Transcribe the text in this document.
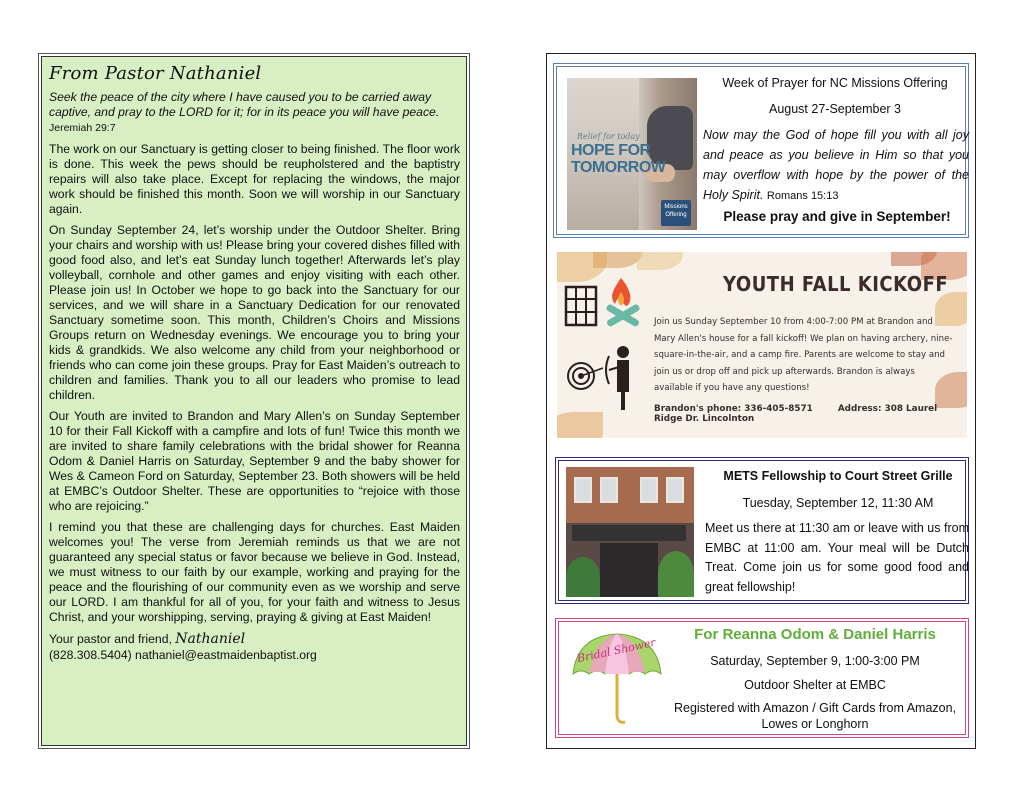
From Pastor Nathaniel

Seek the peace of the city where I have caused you to be carried away captive, and pray to the LORD for it; for in its peace you will have peace. Jeremiah 29:7

The work on our Sanctuary is getting closer to being finished. The floor work is done. This week the pews should be reupholstered and the baptistry repairs will also take place. Except for replacing the windows, the major work should be finished this month. Soon we will worship in our Sanctuary again.

On Sunday September 24, let’s worship under the Outdoor Shelter. Bring your chairs and worship with us! Please bring your covered dishes filled with good food also, and let’s eat Sunday lunch together! Afterwards let’s play volleyball, cornhole and other games and enjoy visiting with each other. Please join us! In October we hope to go back into the Sanctuary for our services, and we will share in a Sanctuary Dedication for our renovated Sanctuary sometime soon. This month, Children’s Choirs and Missions Groups return on Wednesday evenings. We encourage you to bring your kids & grandkids. We also welcome any child from your neighborhood or friends who can come join these groups. Pray for East Maiden’s outreach to children and families. Thank you to all our leaders who promise to lead children.

Our Youth are invited to Brandon and Mary Allen’s on Sunday September 10 for their Fall Kickoff with a campfire and lots of fun! Twice this month we are invited to share family celebrations with the bridal shower for Reanna Odom & Daniel Harris on Saturday, September 9 and the baby shower for Wes & Cameon Ford on Saturday, September 23. Both showers will be held at EMBC’s Outdoor Shelter. These are opportunities to “rejoice with those who are rejoicing.”

I remind you that these are challenging days for churches. East Maiden welcomes you! The verse from Jeremiah reminds us that we are not guaranteed any special status or favor because we believe in God. Instead, we must witness to our faith by our example, working and praying for the peace and the flourishing of our community even as we worship and serve our LORD. I am thankful for all of you, for your faith and witness to Jesus Christ, and your worshipping, serving, praying & giving at East Maiden!

Your pastor and friend, Nathaniel
(828.308.5404) nathaniel@eastmaidenbaptist.org
Relief for today
HOPE FOR
TOMORROW
Missions Offering
Week of Prayer for NC Missions Offering
August 27-September 3
Now may the God of hope fill you with all joy and peace as you believe in Him so that you may overflow with hope by the power of the Holy Spirit. Romans 15:13
Please pray and give in September!
YOUTH FALL KICKOFF
Join us Sunday September 10 from 4:00-7:00 PM at Brandon and Mary Allen's house for a fall kickoff! We plan on having archery, nine-square-in-the-air, and a camp fire. Parents are welcome to stay and join us or drop off and pick up afterwards. Brandon is always available if you have any questions!
Brandon's phone: 336-405-8571	Address: 308 Laurel Ridge Dr. Lincolnton
METS Fellowship to Court Street Grille
Tuesday, September 12, 11:30 AM
Meet us there at 11:30 am or leave with us from EMBC at 11:00 am. Your meal will be Dutch Treat. Come join us for some good food and great fellowship!
Bridal Shower
For Reanna Odom & Daniel Harris
Saturday, September 9, 1:00-3:00 PM
Outdoor Shelter at EMBC
Registered with Amazon / Gift Cards from Amazon, Lowes or Longhorn
